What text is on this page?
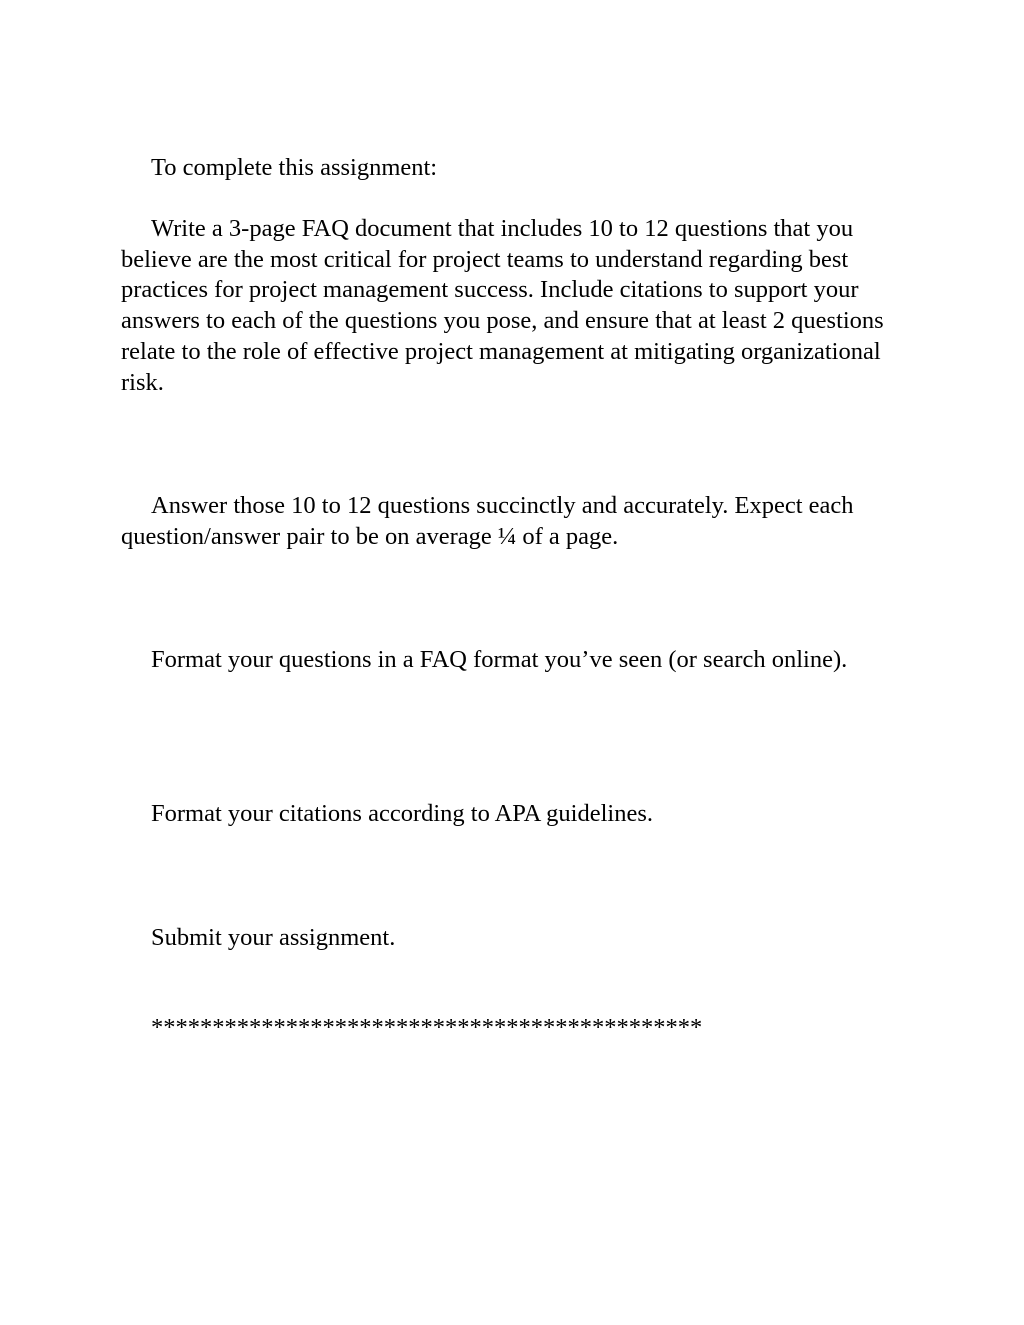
To complete this assignment:

Write a 3-page FAQ document that includes 10 to 12 questions that you believe are the most critical for project teams to understand regarding best practices for project management success. Include citations to support your answers to each of the questions you pose, and ensure that at least 2 questions relate to the role of effective project management at mitigating organizational risk.

Answer those 10 to 12 questions succinctly and accurately. Expect each question/answer pair to be on average ¼ of a page.

Format your questions in a FAQ format you’ve seen (or search online).

Format your citations according to APA guidelines.

Submit your assignment.

*********************************************
